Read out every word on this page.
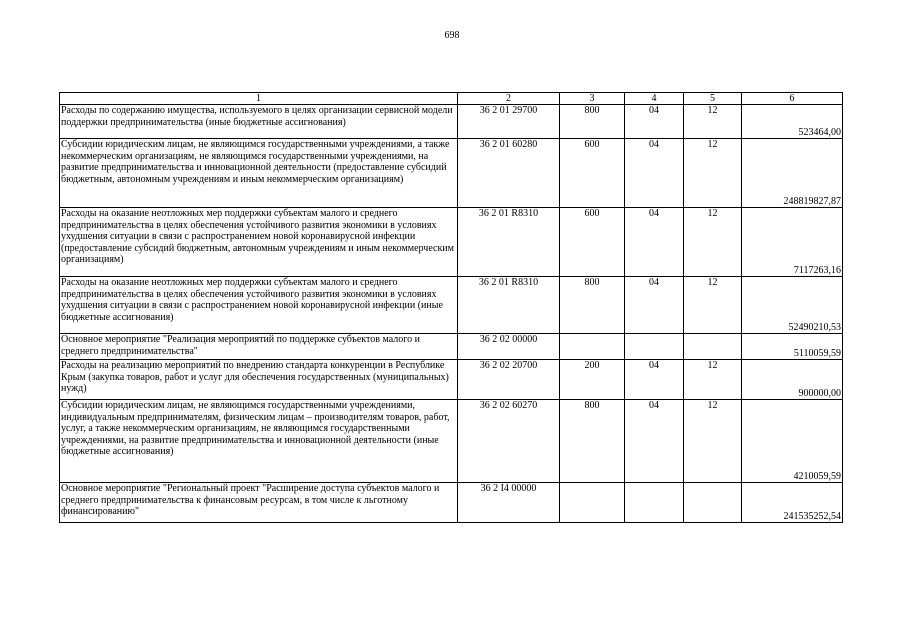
698
1	2	3	4	5	6
Расходы по содержанию имущества, используемого в целях организации сервисной модели поддержки предпринимательства (иные бюджетные ассигнования)	36 2 01 29700	800	04	12	523464,00
Субсидии юридическим лицам, не являющимся государственными учреждениями, а также некоммерческим организациям, не являющимся государственными учреждениями, на развитие предпринимательства и инновационной деятельности (предоставление субсидий бюджетным, автономным учреждениям и иным некоммерческим организациям)	36 2 01 60280	600	04	12	248819827,87
Расходы на оказание неотложных мер поддержки субъектам малого и среднего предпринимательства в целях обеспечения устойчивого развития экономики в условиях ухудшения ситуации в связи с распространением новой коронавирусной инфекции (предоставление субсидий бюджетным, автономным учреждениям и иным некоммерческим организациям)	36 2 01 R8310	600	04	12	7117263,16
Расходы на оказание неотложных мер поддержки субъектам малого и среднего предпринимательства в целях обеспечения устойчивого развития экономики в условиях ухудшения ситуации в связи с распространением новой коронавирусной инфекции (иные бюджетные ассигнования)	36 2 01 R8310	800	04	12	52490210,53
Основное мероприятие "Реализация мероприятий по поддержке субъектов малого и среднего предпринимательства"	36 2 02 00000				5110059,59
Расходы на реализацию мероприятий по внедрению стандарта конкуренции в Республике Крым (закупка товаров, работ и услуг для обеспечения государственных (муниципальных) нужд)	36 2 02 20700	200	04	12	900000,00
Субсидии юридическим лицам, не являющимся государственными учреждениями, индивидуальным предпринимателям, физическим лицам – производителям товаров, работ, услуг, а также некоммерческим организациям, не являющимся государственными учреждениями, на развитие предпринимательства и инновационной деятельности (иные бюджетные ассигнования)	36 2 02 60270	800	04	12	4210059,59
Основное мероприятие "Региональный проект "Расширение доступа субъектов малого и среднего предпринимательства к финансовым ресурсам, в том числе к льготному финансированию"	36 2 I4 00000				241535252,54
